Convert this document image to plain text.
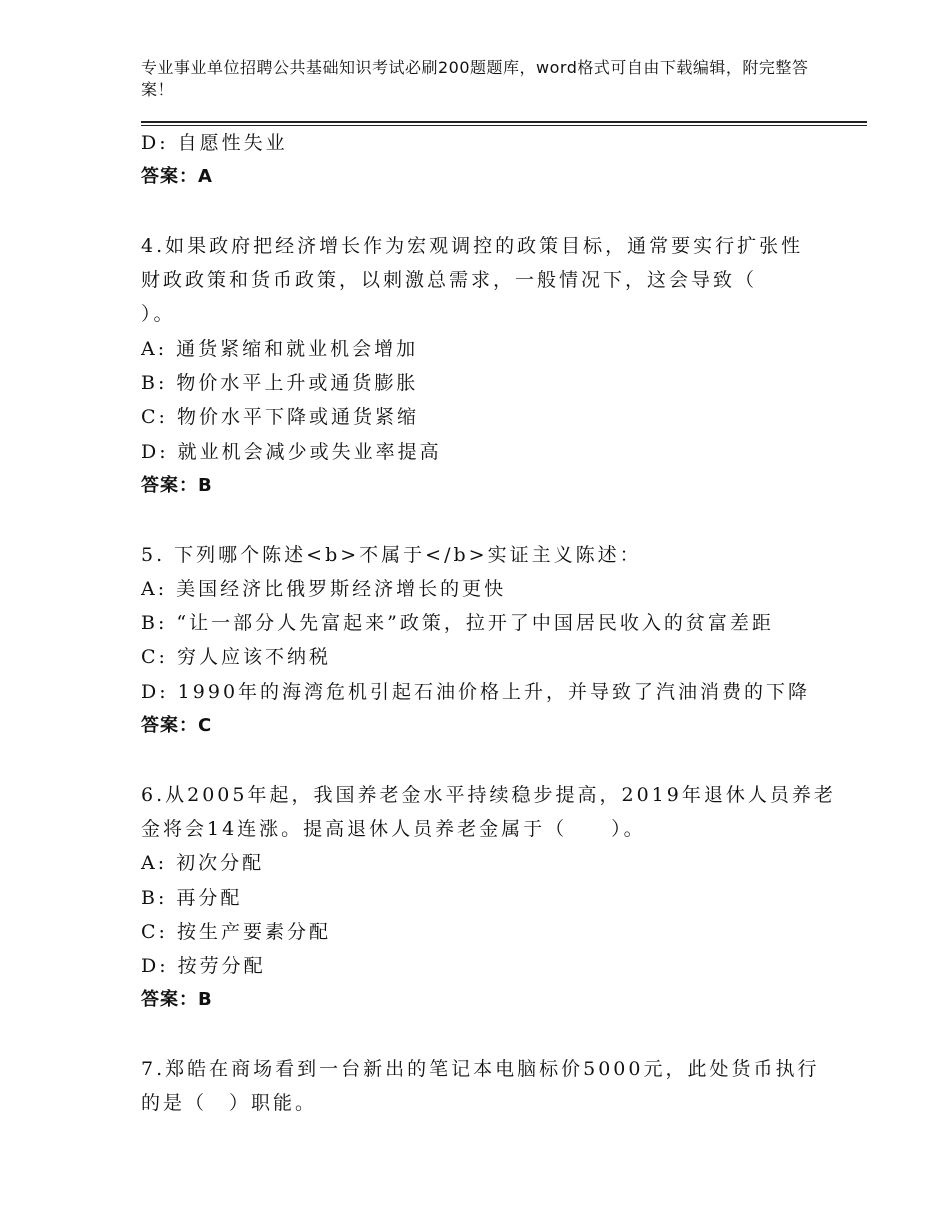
专业事业单位招聘公共基础知识考试必刷200题题库，word格式可自由下载编辑，附完整答案！
D: 自愿性失业
答案：A
4.如果政府把经济增长作为宏观调控的政策目标，通常要实行扩张性
财政政策和货币政策，以刺激总需求，一般情况下，这会导致（
）。
A: 通货紧缩和就业机会增加
B: 物价水平上升或通货膨胀
C: 物价水平下降或通货紧缩
D: 就业机会减少或失业率提高
答案：B
5. 下列哪个陈述<b>不属于</b>实证主义陈述：
A: 美国经济比俄罗斯经济增长的更快
B: “让一部分人先富起来”政策，拉开了中国居民收入的贫富差距
C: 穷人应该不纳税
D: 1990年的海湾危机引起石油价格上升，并导致了汽油消费的下降
答案：C
6.从2005年起，我国养老金水平持续稳步提高，2019年退休人员养老
金将会14连涨。提高退休人员养老金属于（　　）。
A: 初次分配
B: 再分配
C: 按生产要素分配
D: 按劳分配
答案：B
7.郑皓在商场看到一台新出的笔记本电脑标价5000元，此处货币执行
的是（　）职能。
